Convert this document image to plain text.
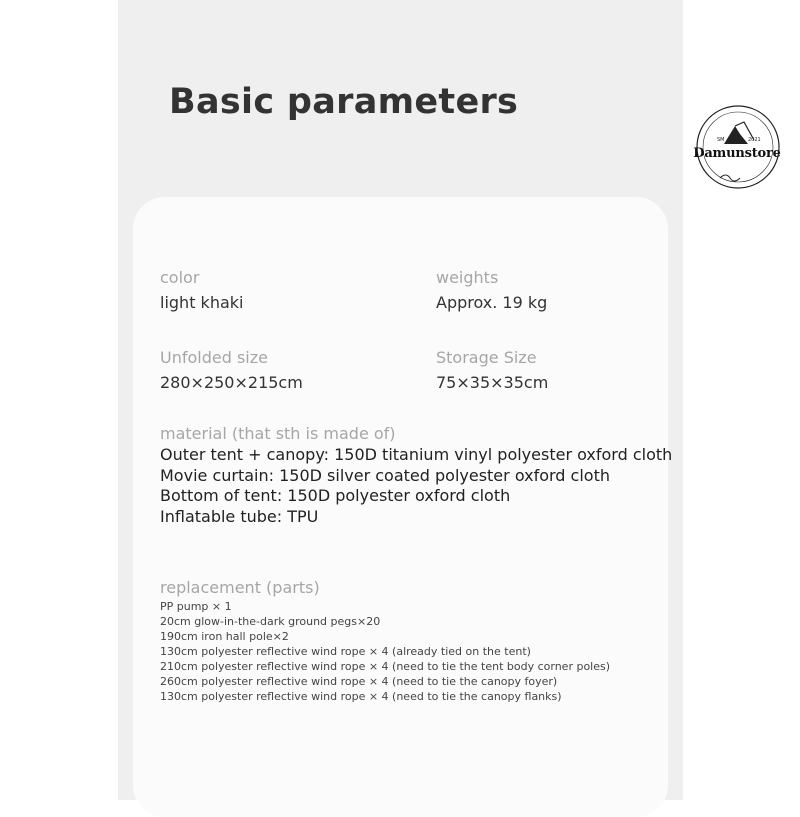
Basic parameters
color
light khaki
weights
Approx. 19 kg
Unfolded size
280×250×215cm
Storage Size
75×35×35cm
material (that sth is made of)
Outer tent + canopy: 150D titanium vinyl polyester oxford cloth
Movie curtain: 150D silver coated polyester oxford cloth
Bottom of tent: 150D polyester oxford cloth
Inflatable tube: TPU
replacement (parts)
PP pump × 1
20cm glow-in-the-dark ground pegs×20
190cm iron hall pole×2
130cm polyester reflective wind rope × 4 (already tied on the tent)
210cm polyester reflective wind rope × 4 (need to tie the tent body corner poles)
260cm polyester reflective wind rope × 4 (need to tie the canopy foyer)
130cm polyester reflective wind rope × 4 (need to tie the canopy flanks)
SM	2021
Damunstore
